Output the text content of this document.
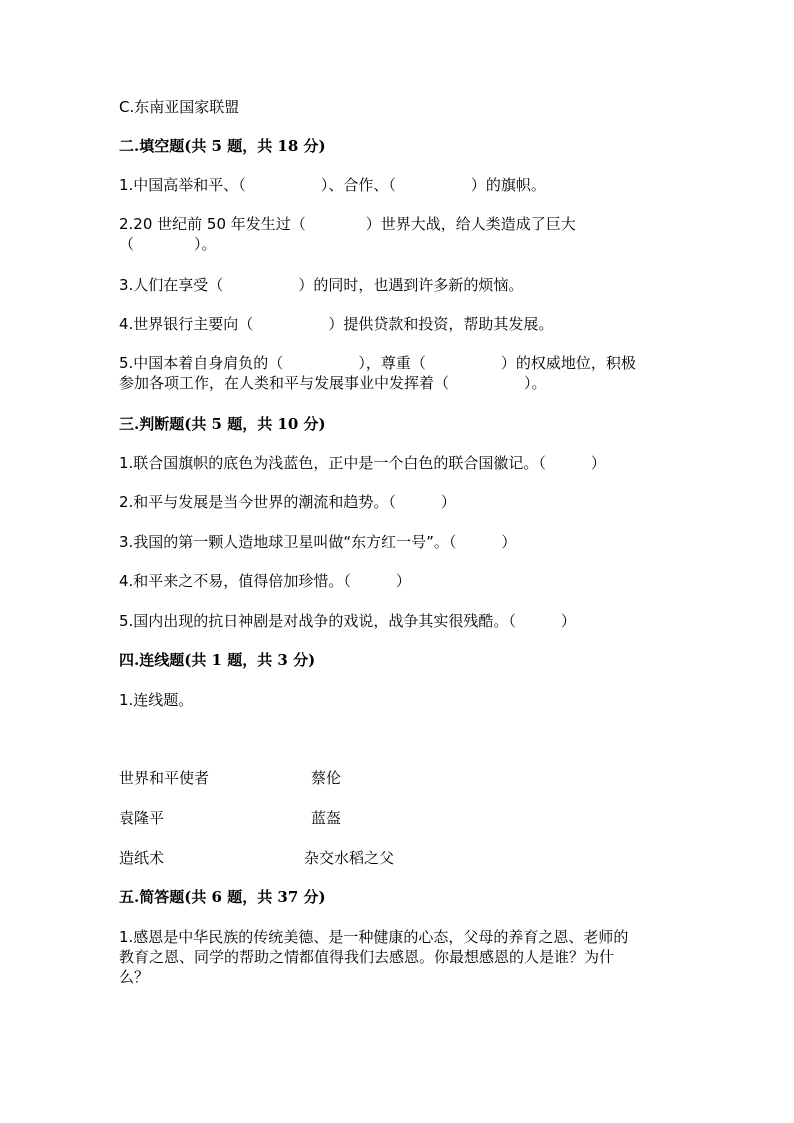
C.东南亚国家联盟
二.填空题(共 5 题，共 18 分)
1.中国高举和平、（　　　　　）、合作、（　　　　　）的旗帜。
2.20 世纪前 50 年发生过（　　　　）世界大战，给人类造成了巨大
（　　　　）。
3.人们在享受（　　　　　）的同时，也遇到许多新的烦恼。
4.世界银行主要向（　　　　　）提供贷款和投资，帮助其发展。
5.中国本着自身肩负的（　　　　　），尊重（　　　　　）的权威地位，积极
参加各项工作，在人类和平与发展事业中发挥着（　　　　　）。
三.判断题(共 5 题，共 10 分)
1.联合国旗帜的底色为浅蓝色，正中是一个白色的联合国徽记。（　　　）
2.和平与发展是当今世界的潮流和趋势。（　　　）
3.我国的第一颗人造地球卫星叫做“东方红一号”。（　　　）
4.和平来之不易，值得倍加珍惜。（　　　）
5.国内出现的抗日神剧是对战争的戏说，战争其实很残酷。（　　　）
四.连线题(共 1 题，共 3 分)
1.连线题。
世界和平使者	蔡伦
袁隆平	蓝盔
造纸术	杂交水稻之父
五.简答题(共 6 题，共 37 分)
1.感恩是中华民族的传统美德、是一种健康的心态，父母的养育之恩、老师的
教育之恩、同学的帮助之情都值得我们去感恩。你最想感恩的人是谁？为什
么？
